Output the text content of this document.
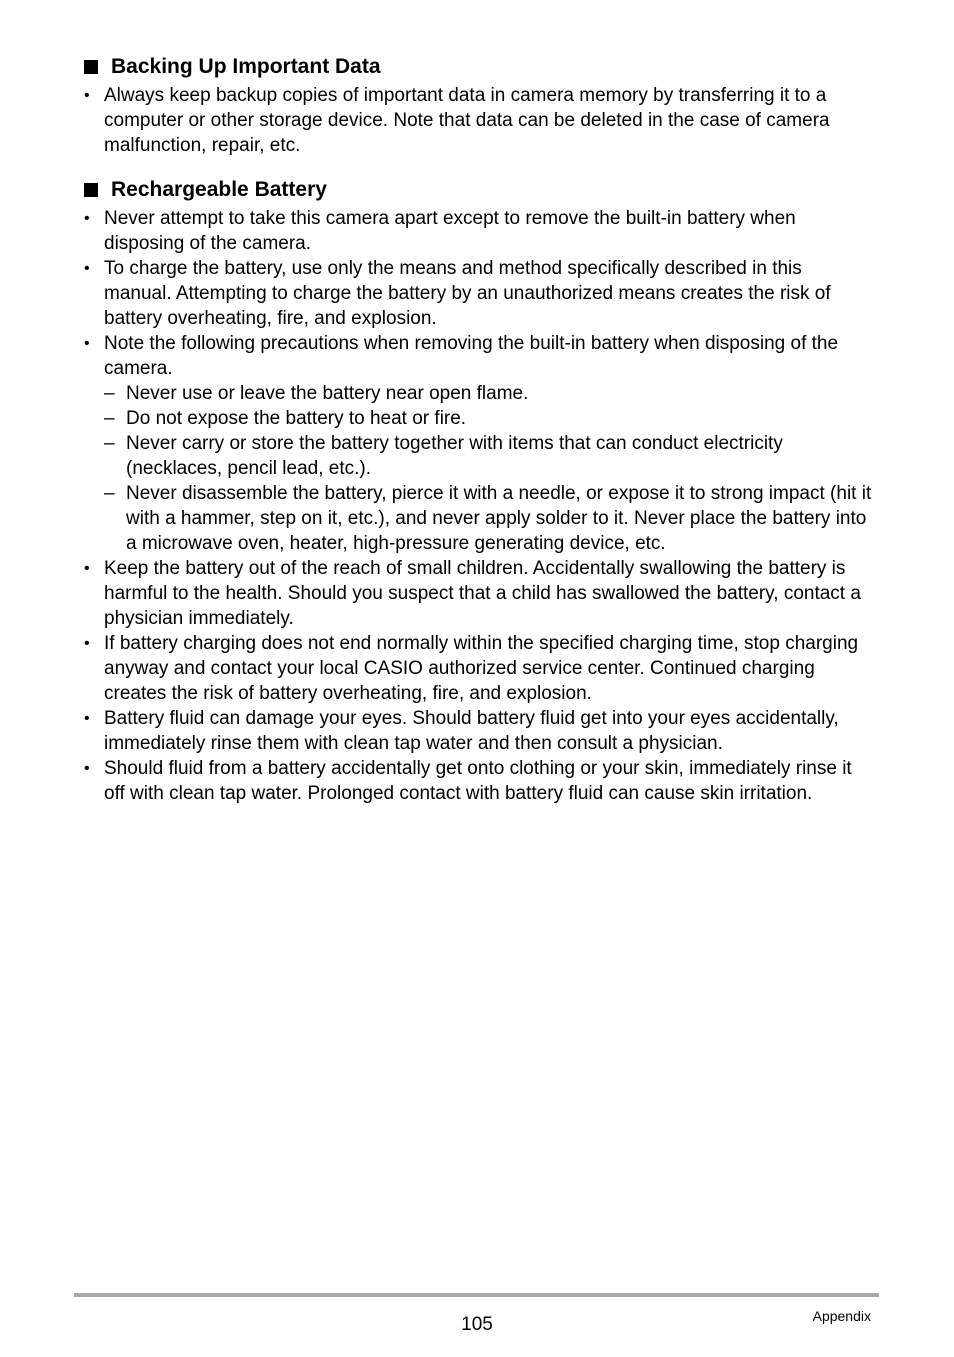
Backing Up Important Data
• Always keep backup copies of important data in camera memory by transferring it to a computer or other storage device. Note that data can be deleted in the case of camera malfunction, repair, etc.
Rechargeable Battery
• Never attempt to take this camera apart except to remove the built-in battery when disposing of the camera.
• To charge the battery, use only the means and method specifically described in this manual. Attempting to charge the battery by an unauthorized means creates the risk of battery overheating, fire, and explosion.
• Note the following precautions when removing the built-in battery when disposing of the camera.
– Never use or leave the battery near open flame.
– Do not expose the battery to heat or fire.
– Never carry or store the battery together with items that can conduct electricity (necklaces, pencil lead, etc.).
– Never disassemble the battery, pierce it with a needle, or expose it to strong impact (hit it with a hammer, step on it, etc.), and never apply solder to it. Never place the battery into a microwave oven, heater, high-pressure generating device, etc.
• Keep the battery out of the reach of small children. Accidentally swallowing the battery is harmful to the health. Should you suspect that a child has swallowed the battery, contact a physician immediately.
• If battery charging does not end normally within the specified charging time, stop charging anyway and contact your local CASIO authorized service center. Continued charging creates the risk of battery overheating, fire, and explosion.
• Battery fluid can damage your eyes. Should battery fluid get into your eyes accidentally, immediately rinse them with clean tap water and then consult a physician.
• Should fluid from a battery accidentally get onto clothing or your skin, immediately rinse it off with clean tap water. Prolonged contact with battery fluid can cause skin irritation.
105	Appendix
